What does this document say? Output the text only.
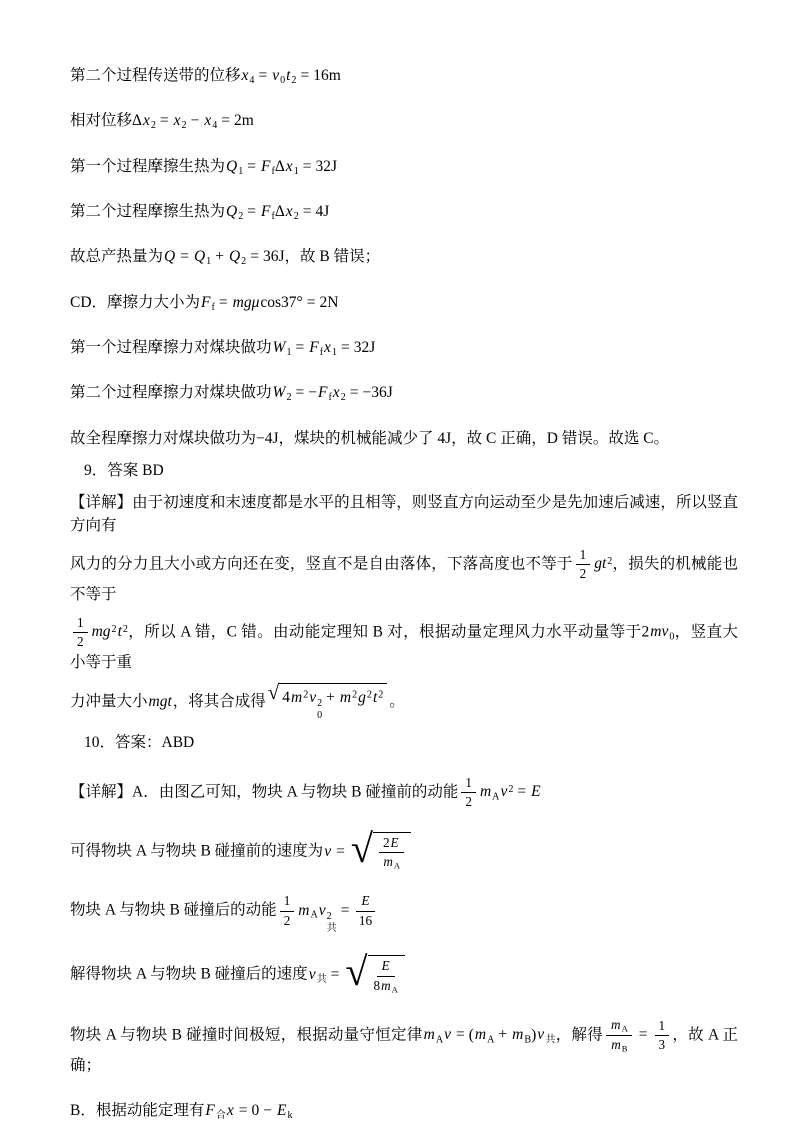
第二个过程传送带的位移$x_4 = v_0t_2 = 16m$

相对位移$\Delta x_2 = x_2 - x_4 = 2m$

第一个过程摩擦生热为$Q_1 = F_f\Delta x_1 = 32J$

第二个过程摩擦生热为$Q_2 = F_f\Delta x_2 = 4J$

故总产热量为$Q = Q_1 + Q_2 = 36J$，故 B 错误；

CD．摩擦力大小为$F_f = mg\mu\cos 37^\circ = 2N$

第一个过程摩擦力对煤块做功$W_1 = F_fx_1 = 32J$

第二个过程摩擦力对煤块做功$W_2 = -F_fx_2 = -36J$

故全程摩擦力对煤块做功为−4J，煤块的机械能减少了 4J，故 C 正确，D 错误。故选 C。

9．答案 BD

【详解】由于初速度和末速度都是水平的且相等，则竖直方向运动至少是先加速后减速，所以竖直方向有

风力的分力且大小或方向还在变，竖直不是自由落体，下落高度也不等于 $\frac{1}{2} gt^2$，损失的机械能也不等于

$\frac{1}{2} mg^2t^2$，所以 A 错，C 错。由动能定理知 B 对，根据动量定理风力水平动量等于$2mv_0$，竖直大小等于重

力冲量大小mgt，将其合成得 √ $4m^2v$ 2
0
+ $m^2g^2t^2$ 。

10．答案：ABD

【详解】A．由图乙可知，物块 A 与物块 B 碰撞前的动能 $\frac{1}{2} m_Av^2 = E$

可得物块 A 与物块 B 碰撞前的速度为v = √ $\frac{2E}{m_A}$

物块 A 与物块 B 碰撞后的动能 $\frac{1}{2} m_Av$ 2
共
= $\frac{E}{16}$

解得物块 A 与物块 B 碰撞后的速度$v_共$ = √ $\frac{E}{8m_A}$

物块 A 与物块 B 碰撞时间极短，根据动量守恒定律$m_Av = (m_A + m_B)v_共$，解得 $\frac{m_A}{m_B} = \frac{1}{3}$ ，故 A 正确；

B．根据动能定理有$F_合x = 0 - E_k$
